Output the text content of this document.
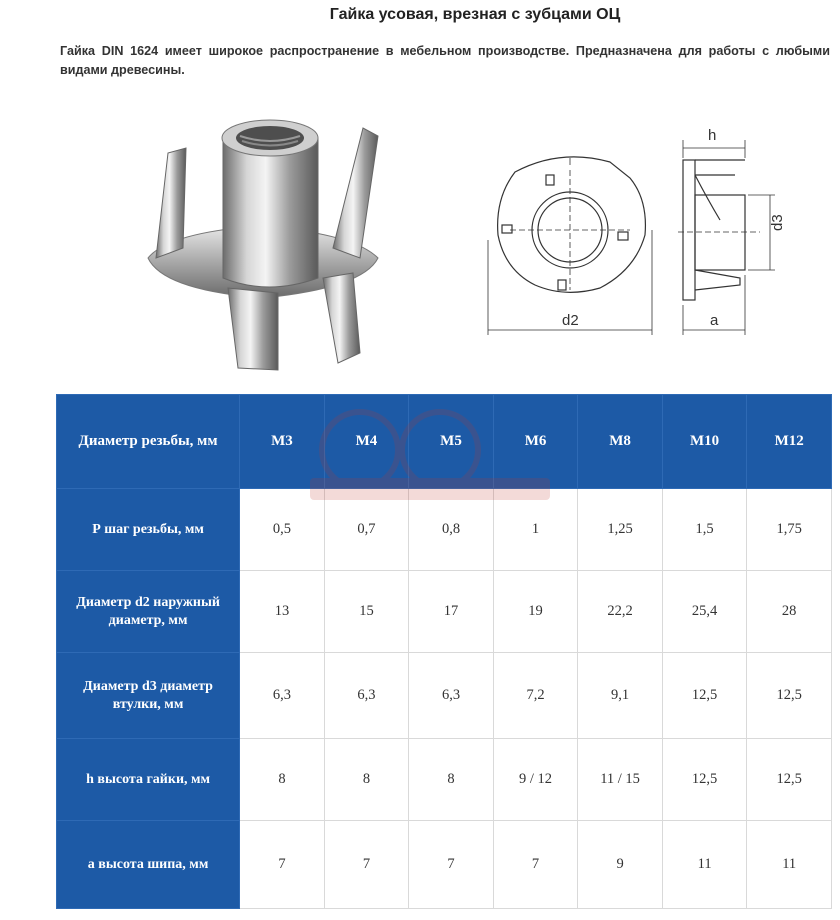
Гайка усовая, врезная с зубцами ОЦ
Гайка DIN 1624 имеет широкое распространение в мебельном производстве. Предназначена для работы с любыми видами древесины.
h
d3
d2	a
Диаметр резьбы, мм	M3	M4	M5	M6	M8	M10	M12
Р шаг резьбы, мм	0,5	0,7	0,8	1	1,25	1,5	1,75
Диаметр d2 наружный диаметр, мм	13	15	17	19	22,2	25,4	28
Диаметр d3 диаметр втулки, мм	6,3	6,3	6,3	7,2	9,1	12,5	12,5
h высота гайки, мм	8	8	8	9 / 12	11 / 15	12,5	12,5
a высота шипа, мм	7	7	7	7	9	11	11
